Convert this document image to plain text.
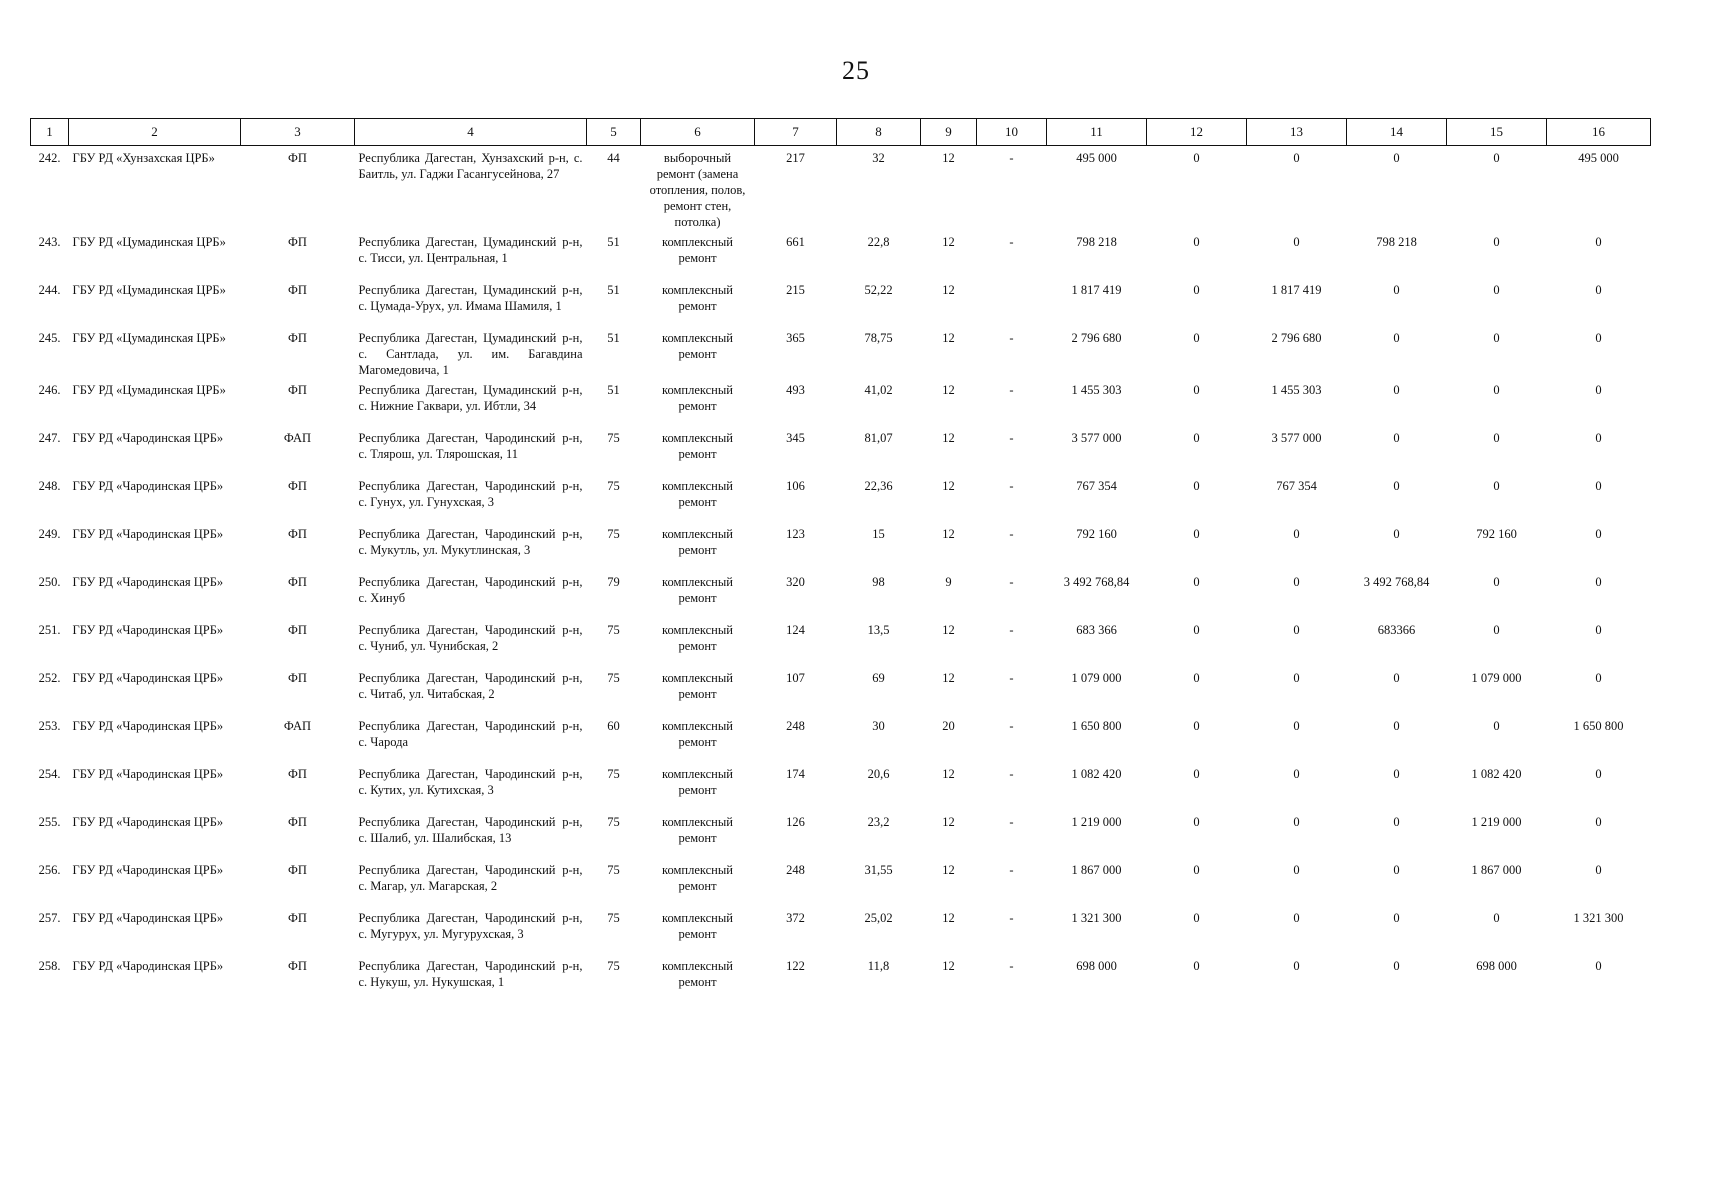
25
1	2	3	4	5	6	7	8	9	10	11	12	13	14	15	16
242.	ГБУ РД «Хунзахская ЦРБ»	ФП	Республика Дагестан, Хунзахский р-н, с. Баитль, ул. Гаджи Гасангусейнова, 27	44	выборочный ремонт (замена отопления, полов, ремонт стен, потолка)	217	32	12	-	495 000	0	0	0	0	495 000
243.	ГБУ РД «Цумадинская ЦРБ»	ФП	Республика Дагестан, Цумадинский р-н, с. Тисси, ул. Центральная, 1	51	комплексный ремонт	661	22,8	12	-	798 218	0	0	798 218	0	0
244.	ГБУ РД «Цумадинская ЦРБ»	ФП	Республика Дагестан, Цумадинский р-н, с. Цумада-Урух, ул. Имама Шамиля, 1	51	комплексный ремонт	215	52,22	12		1 817 419	0	1 817 419	0	0	0
245.	ГБУ РД «Цумадинская ЦРБ»	ФП	Республика Дагестан, Цумадинский р-н, с. Сантлада, ул. им. Багавдина Магомедовича, 1	51	комплексный ремонт	365	78,75	12	-	2 796 680	0	2 796 680	0	0	0
246.	ГБУ РД «Цумадинская ЦРБ»	ФП	Республика Дагестан, Цумадинский р-н, с. Нижние Гаквари, ул. Ибтли, 34	51	комплексный ремонт	493	41,02	12	-	1 455 303	0	1 455 303	0	0	0
247.	ГБУ РД «Чародинская ЦРБ»	ФАП	Республика Дагестан, Чародинский р-н, с. Тлярош, ул. Тлярошская, 11	75	комплексный ремонт	345	81,07	12	-	3 577 000	0	3 577 000	0	0	0
248.	ГБУ РД «Чародинская ЦРБ»	ФП	Республика Дагестан, Чародинский р-н, с. Гунух, ул. Гунухская, 3	75	комплексный ремонт	106	22,36	12	-	767 354	0	767 354	0	0	0
249.	ГБУ РД «Чародинская ЦРБ»	ФП	Республика Дагестан, Чародинский р-н, с. Мукутль, ул. Мукутлинская, 3	75	комплексный ремонт	123	15	12	-	792 160	0	0	0	792 160	0
250.	ГБУ РД «Чародинская ЦРБ»	ФП	Республика Дагестан, Чародинский р-н, с. Хинуб	79	комплексный ремонт	320	98	9	-	3 492 768,84	0	0	3 492 768,84	0	0
251.	ГБУ РД «Чародинская ЦРБ»	ФП	Республика Дагестан, Чародинский р-н, с. Чуниб, ул. Чунибская, 2	75	комплексный ремонт	124	13,5	12	-	683 366	0	0	683366	0	0
252.	ГБУ РД «Чародинская ЦРБ»	ФП	Республика Дагестан, Чародинский р-н, с. Читаб, ул. Читабская, 2	75	комплексный ремонт	107	69	12	-	1 079 000	0	0	0	1 079 000	0
253.	ГБУ РД «Чародинская ЦРБ»	ФАП	Республика Дагестан, Чародинский р-н, с. Чарода	60	комплексный ремонт	248	30	20	-	1 650 800	0	0	0	0	1 650 800
254.	ГБУ РД «Чародинская ЦРБ»	ФП	Республика Дагестан, Чародинский р-н, с. Кутих, ул. Кутихская, 3	75	комплексный ремонт	174	20,6	12	-	1 082 420	0	0	0	1 082 420	0
255.	ГБУ РД «Чародинская ЦРБ»	ФП	Республика Дагестан, Чародинский р-н, с. Шалиб, ул. Шалибская, 13	75	комплексный ремонт	126	23,2	12	-	1 219 000	0	0	0	1 219 000	0
256.	ГБУ РД «Чародинская ЦРБ»	ФП	Республика Дагестан, Чародинский р-н, с. Магар, ул. Магарская, 2	75	комплексный ремонт	248	31,55	12	-	1 867 000	0	0	0	1 867 000	0
257.	ГБУ РД «Чародинская ЦРБ»	ФП	Республика Дагестан, Чародинский р-н, с. Мугурух, ул. Мугурухская, 3	75	комплексный ремонт	372	25,02	12	-	1 321 300	0	0	0	0	1 321 300
258.	ГБУ РД «Чародинская ЦРБ»	ФП	Республика Дагестан, Чародинский р-н, с. Нукуш, ул. Нукушская, 1	75	комплексный ремонт	122	11,8	12	-	698 000	0	0	0	698 000	0
